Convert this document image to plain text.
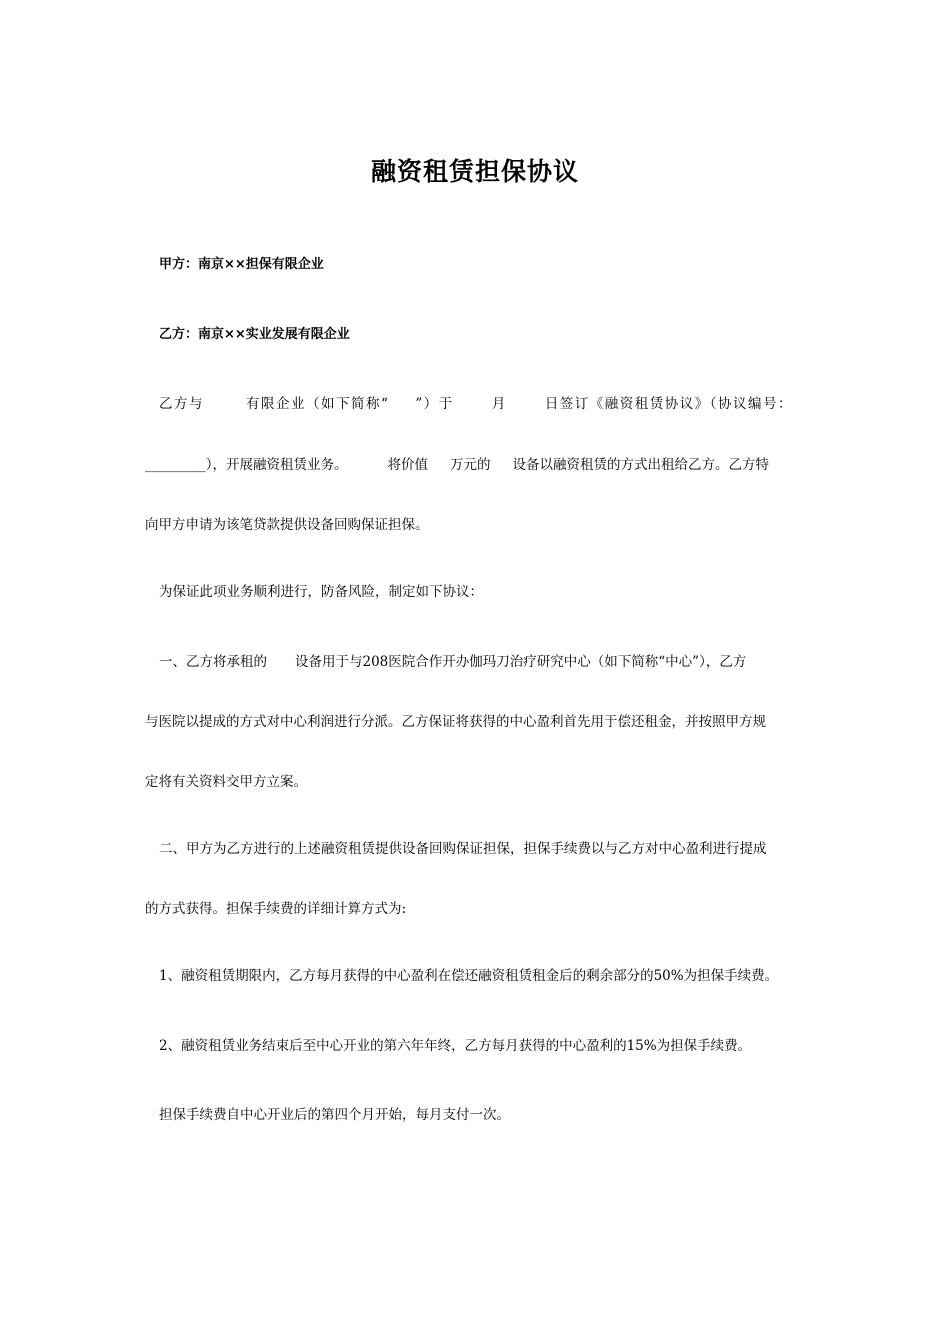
融资租赁担保协议
甲方：南京××担保有限企业
乙方：南京××实业发展有限企业
乙方与	有限企业（如下简称“ ”）于	月	日签订《融资租赁协议》（协议编号：
_________），开展融资租赁业务。	将价值 万元的 设备以融资租赁的方式出租给乙方。乙方特
向甲方申请为该笔贷款提供设备回购保证担保。
为保证此项业务顺利进行，防备风险，制定如下协议：
一、乙方将承租的 设备用于与208医院合作开办伽玛刀治疗研究中心（如下简称“中心”），乙方
与医院以提成的方式对中心利润进行分派。乙方保证将获得的中心盈利首先用于偿还租金，并按照甲方规
定将有关资料交甲方立案。
二、甲方为乙方进行的上述融资租赁提供设备回购保证担保，担保手续费以与乙方对中心盈利进行提成
的方式获得。担保手续费的详细计算方式为:
1、融资租赁期限内，乙方每月获得的中心盈利在偿还融资租赁租金后的剩余部分的50%为担保手续费。
2、融资租赁业务结束后至中心开业的第六年年终，乙方每月获得的中心盈利的15%为担保手续费。
担保手续费自中心开业后的第四个月开始，每月支付一次。
